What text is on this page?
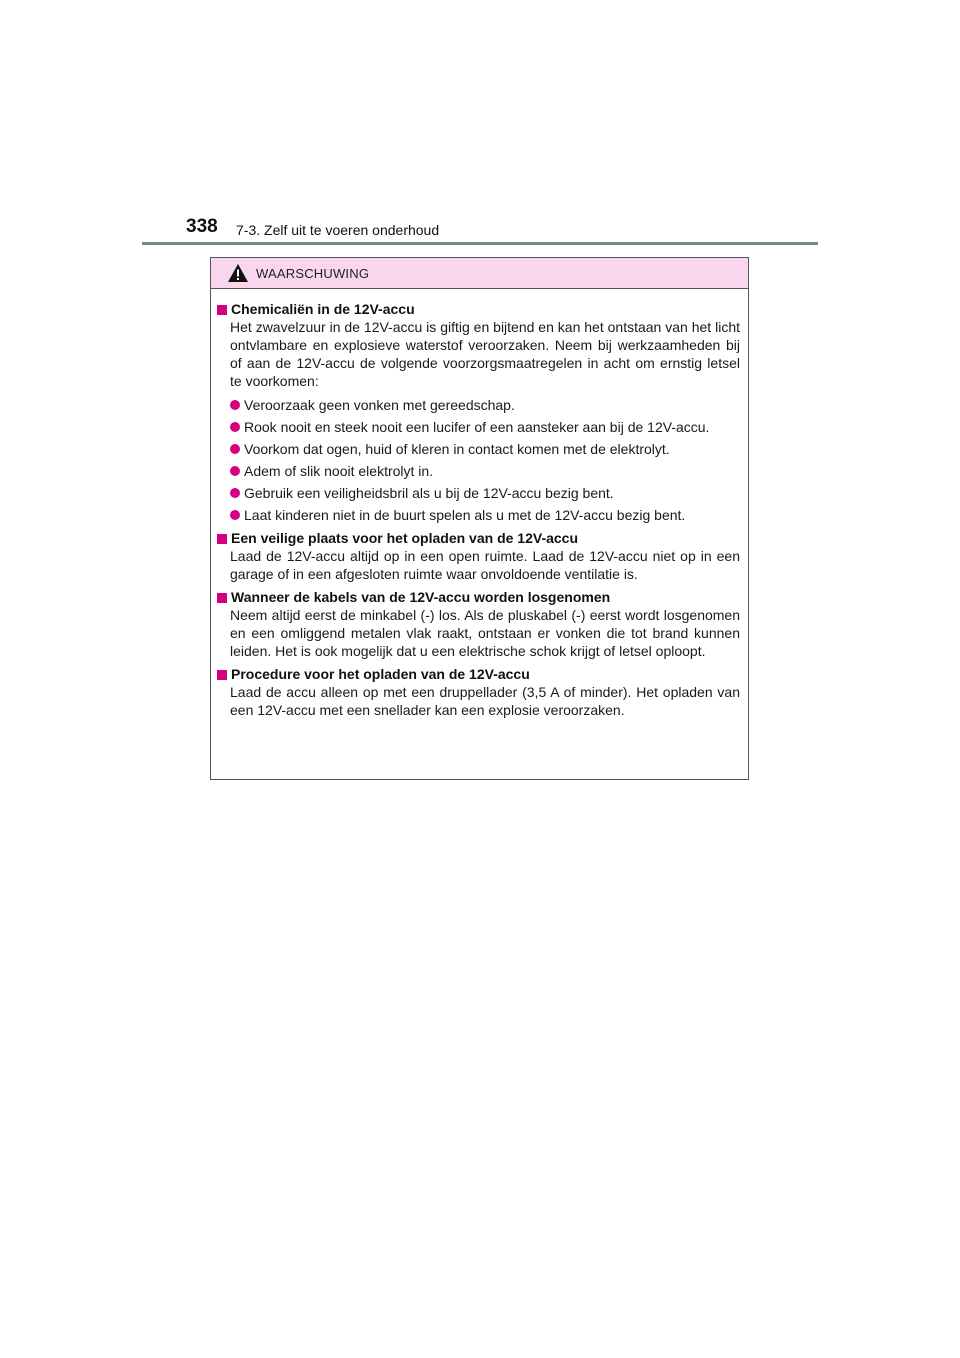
338 7-3. Zelf uit te voeren onderhoud
WAARSCHUWING
Chemicaliën in de 12V-accu
Het zwavelzuur in de 12V-accu is giftig en bijtend en kan het ontstaan van het licht ontvlambare en explosieve waterstof veroorzaken. Neem bij werkzaamheden bij of aan de 12V-accu de volgende voorzorgsmaatregelen in acht om ernstig letsel te voorkomen:
Veroorzaak geen vonken met gereedschap.
Rook nooit en steek nooit een lucifer of een aansteker aan bij de 12V-accu.
Voorkom dat ogen, huid of kleren in contact komen met de elektrolyt.
Adem of slik nooit elektrolyt in.
Gebruik een veiligheidsbril als u bij de 12V-accu bezig bent.
Laat kinderen niet in de buurt spelen als u met de 12V-accu bezig bent.
Een veilige plaats voor het opladen van de 12V-accu
Laad de 12V-accu altijd op in een open ruimte. Laad de 12V-accu niet op in een garage of in een afgesloten ruimte waar onvoldoende ventilatie is.
Wanneer de kabels van de 12V-accu worden losgenomen
Neem altijd eerst de minkabel (-) los. Als de pluskabel (-) eerst wordt losgenomen en een omliggend metalen vlak raakt, ontstaan er vonken die tot brand kunnen leiden. Het is ook mogelijk dat u een elektrische schok krijgt of letsel oploopt.
Procedure voor het opladen van de 12V-accu
Laad de accu alleen op met een druppellader (3,5 A of minder). Het opladen van een 12V-accu met een snellader kan een explosie veroorzaken.
